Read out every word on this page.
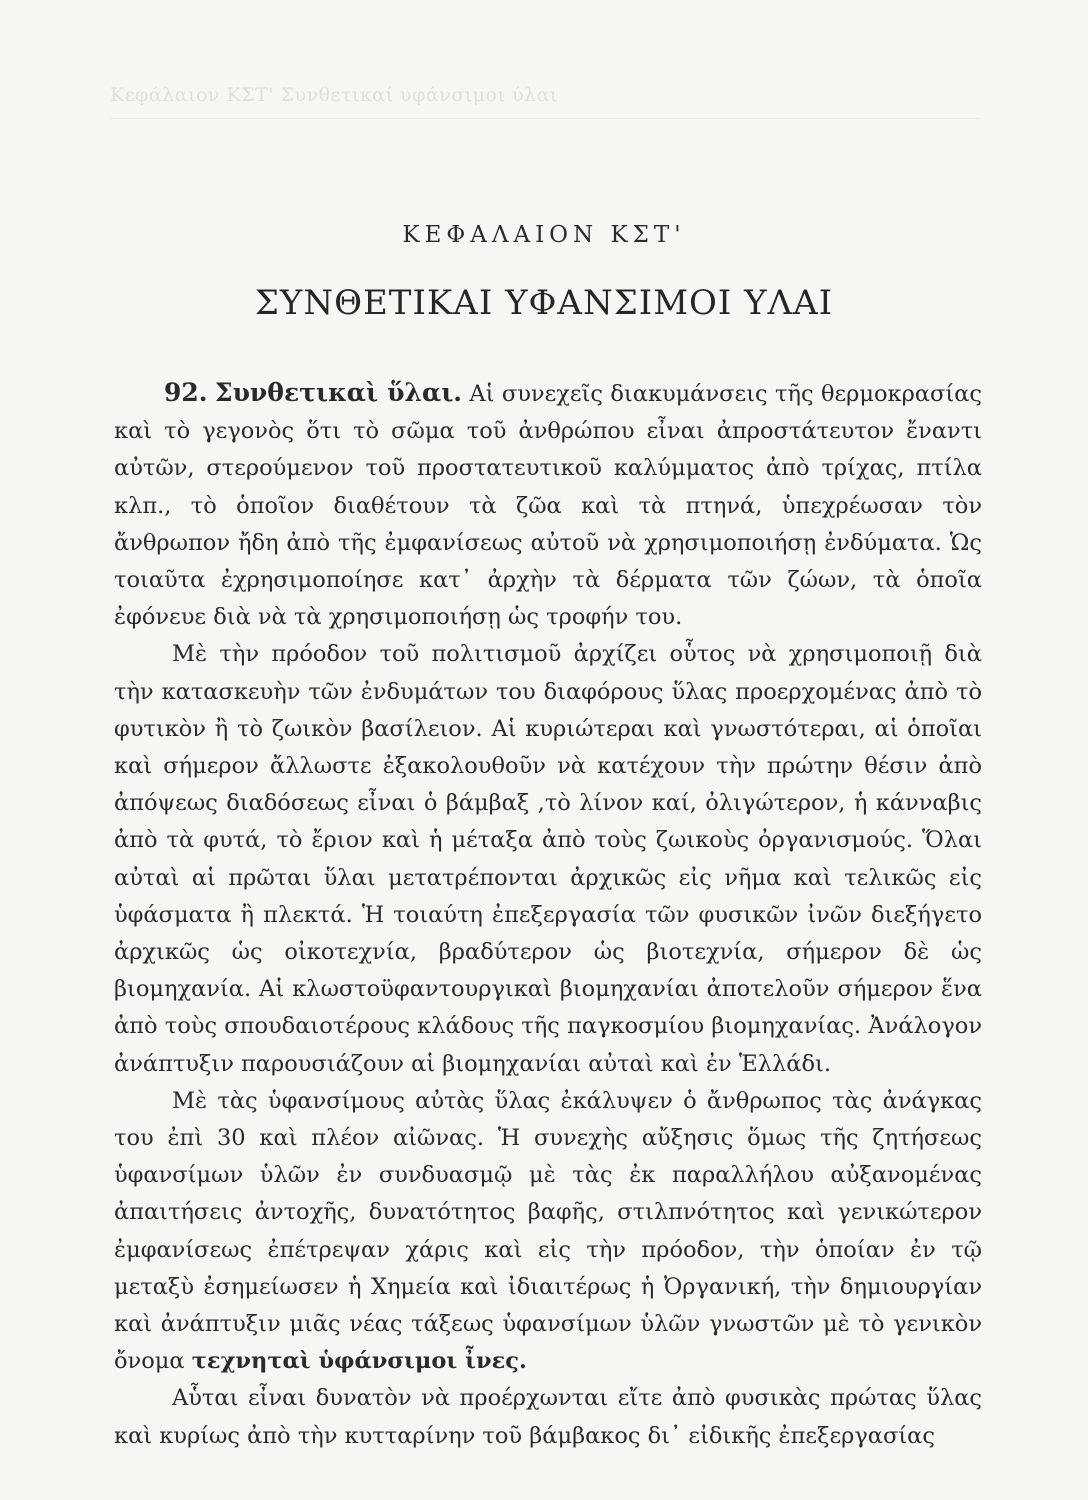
Κεφάλαιον ΚΣΤ' Συνθετικαί υφάνσιμοι ύλαι
ΚΕΦΑΛΑΙΟΝ ΚΣΤ'
ΣΥΝΘΕΤΙΚΑΙ ΥΦΑΝΣΙΜΟΙ ΥΛΑΙ

92. Συνθετικαὶ ὕλαι. Αἱ συνεχεῖς διακυμάνσεις τῆς θερμοκρασίας καὶ τὸ γεγονὸς ὅτι τὸ σῶμα τοῦ ἀνθρώπου εἶναι ἀπροστάτευτον ἔναντι αὐτῶν, στερούμενον τοῦ προστατευτικοῦ καλύμματος ἀπὸ τρίχας, πτίλα κλπ., τὸ ὁποῖον διαθέτουν τὰ ζῶα καὶ τὰ πτηνά, ὑπεχρέωσαν τὸν ἄνθρωπον ἤδη ἀπὸ τῆς ἐμφανίσεως αὐτοῦ νὰ χρησιμοποιήσῃ ἐνδύματα. Ὡς τοιαῦτα ἐχρησιμοποίησε κατ᾽ ἀρχὴν τὰ δέρματα τῶν ζώων, τὰ ὁποῖα ἐφόνευε διὰ νὰ τὰ χρησιμοποιήσῃ ὡς τροφήν του.

Μὲ τὴν πρόοδον τοῦ πολιτισμοῦ ἀρχίζει οὗτος νὰ χρησιμοποιῇ διὰ τὴν κατασκευὴν τῶν ἐνδυμάτων του διαφόρους ὕλας προερχομένας ἀπὸ τὸ φυτικὸν ἢ τὸ ζωικὸν βασίλειον. Αἱ κυριώτεραι καὶ γνωστότεραι, αἱ ὁποῖαι καὶ σήμερον ἄλλωστε ἐξακολουθοῦν νὰ κατέχουν τὴν πρώτην θέσιν ἀπὸ ἀπόψεως διαδόσεως εἶναι ὁ βάμβαξ ,τὸ λίνον καί, ὀλιγώτερον, ἡ κάνναβις ἀπὸ τὰ φυτά, τὸ ἔριον καὶ ἡ μέταξα ἀπὸ τοὺς ζωικοὺς ὀργανισμούς. Ὅλαι αὐταὶ αἱ πρῶται ὕλαι μετατρέπονται ἀρχικῶς εἰς νῆμα καὶ τελικῶς εἰς ὑφάσματα ἢ πλεκτά. Ἡ τοιαύτη ἐπεξεργασία τῶν φυσικῶν ἰνῶν διεξήγετο ἀρχικῶς ὡς οἰκοτεχνία, βραδύτερον ὡς βιοτεχνία, σήμερον δὲ ὡς βιομηχανία. Αἱ κλωστοϋφαντουργικαὶ βιομηχανίαι ἀποτελοῦν σήμερον ἕνα ἀπὸ τοὺς σπουδαιοτέρους κλάδους τῆς παγκοσμίου βιομηχανίας. Ἀνάλογον ἀνάπτυξιν παρουσιάζουν αἱ βιομηχανίαι αὐταὶ καὶ ἐν Ἑλλάδι.

Μὲ τὰς ὑφανσίμους αὐτὰς ὕλας ἐκάλυψεν ὁ ἄνθρωπος τὰς ἀνάγκας του ἐπὶ 30 καὶ πλέον αἰῶνας. Ἡ συνεχὴς αὔξησις ὅμως τῆς ζητήσεως ὑφανσίμων ὑλῶν ἐν συνδυασμῷ μὲ τὰς ἐκ παραλλήλου αὐξανομένας ἀπαιτήσεις ἀντοχῆς, δυνατότητος βαφῆς, στιλπνότητος καὶ γενικώτερον ἐμφανίσεως ἐπέτρεψαν χάρις καὶ εἰς τὴν πρόοδον, τὴν ὁποίαν ἐν τῷ μεταξὺ ἐσημείωσεν ἡ Χημεία καὶ ἰδιαιτέρως ἡ Ὀργανική, τὴν δημιουργίαν καὶ ἀνάπτυξιν μιᾶς νέας τάξεως ὑφανσίμων ὑλῶν γνωστῶν μὲ τὸ γενικὸν ὄνομα τεχνηταὶ ὑφάνσιμοι ἶνες.

Αὗται εἶναι δυνατὸν νὰ προέρχωνται εἴτε ἀπὸ φυσικὰς πρώτας ὕλας καὶ κυρίως ἀπὸ τὴν κυτταρίνην τοῦ βάμβακος δι᾽ εἰδικῆς ἐπεξεργασίας
